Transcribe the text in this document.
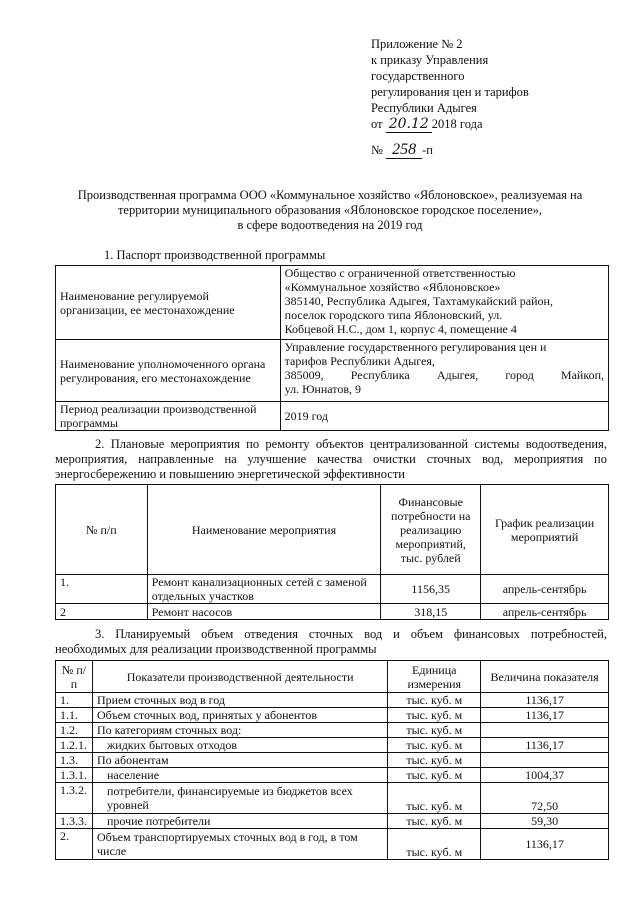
Приложение № 2
к приказу Управления
государственного
регулирования цен и тарифов
Республики Адыгея
от 20.12 2018 года
№ 258 -п
Производственная программа ООО «Коммунальное хозяйство «Яблоновское», реализуемая на
территории муниципального образования «Яблоновское городское поселение»,
в сфере водоотведения на 2019 год
1. Паспорт производственной программы
Наименование регулируемой организации, ее местонахождение	Общество с ограниченной ответственностью
«Коммунальное хозяйство «Яблоновское»
385140, Республика Адыгея, Тахтамукайский район,
поселок городского типа Яблоновский, ул.
Кобцевой Н.С., дом 1, корпус 4, помещение 4

Наименование уполномоченного органа регулирования, его местонахождение	Управление государственного регулирования цен и
тарифов Республики Адыгея,
385009, Республика Адыгея, город Майкоп,
ул. Юннатов, 9

Период реализации производственной программы	2019 год
2. Плановые мероприятия по ремонту объектов централизованной системы водоотведения, мероприятия, направленные на улучшение качества очистки сточных вод, мероприятия по энергосбережению и повышению энергетической эффективности
№ п/п	Наименование мероприятия	Финансовые потребности на реализацию мероприятий, тыс. рублей	График реализации мероприятий
1.	Ремонт канализационных сетей с заменой отдельных участков	1156,35	апрель-сентябрь
2	Ремонт насосов	318,15	апрель-сентябрь
3. Планируемый объем отведения сточных вод и объем финансовых потребностей, необходимых для реализации производственной программы
№ п/п	Показатели производственной деятельности	Единица измерения	Величина показателя
1.	Прием сточных вод в год	тыс. куб. м	1136,17
1.1.	Объем сточных вод, принятых у абонентов	тыс. куб. м	1136,17
1.2.	По категориям сточных вод:	тыс. куб. м	
1.2.1.	жидких бытовых отходов	тыс. куб. м	1136,17
1.3.	По абонентам	тыс. куб. м	
1.3.1.	население	тыс. куб. м	1004,37
1.3.2.	потребители, финансируемые из бюджетов всех уровней	тыс. куб. м	72,50
1.3.3.	прочие потребители	тыс. куб. м	59,30
2.	Объем транспортируемых сточных вод в год, в том числе	тыс. куб. м	1136,17
